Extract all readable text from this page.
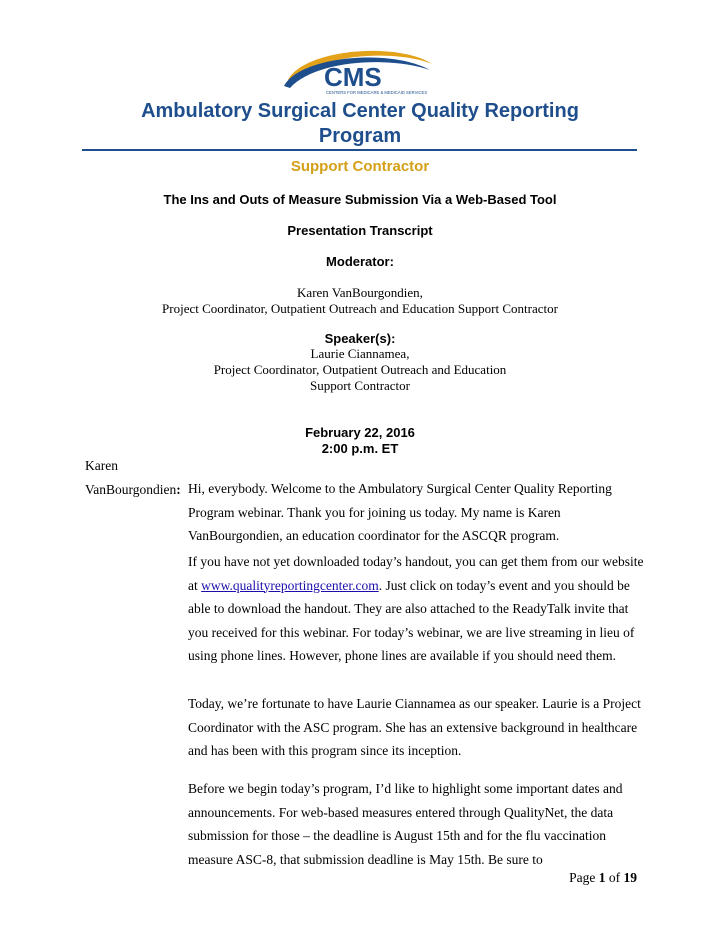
CMS
CENTERS FOR MEDICARE & MEDICAID SERVICES
Ambulatory Surgical Center Quality Reporting
Program
Support Contractor
The Ins and Outs of Measure Submission Via a Web-Based Tool
Presentation Transcript
Moderator:
Karen VanBourgondien,
Project Coordinator, Outpatient Outreach and Education Support Contractor
Speaker(s):
Laurie Ciannamea,
Project Coordinator, Outpatient Outreach and Education
Support Contractor
February 22, 2016
2:00 p.m. ET
Karen
VanBourgondien: Hi, everybody. Welcome to the Ambulatory Surgical Center Quality Reporting Program webinar. Thank you for joining us today. My name is Karen VanBourgondien, an education coordinator for the ASCQR program.
If you have not yet downloaded today’s handout, you can get them from our website at www.qualityreportingcenter.com. Just click on today’s event and you should be able to download the handout. They are also attached to the ReadyTalk invite that you received for this webinar. For today’s webinar, we are live streaming in lieu of using phone lines. However, phone lines are available if you should need them.
Today, we’re fortunate to have Laurie Ciannamea as our speaker. Laurie is a Project Coordinator with the ASC program. She has an extensive background in healthcare and has been with this program since its inception.
Before we begin today’s program, I’d like to highlight some important dates and announcements. For web-based measures entered through QualityNet, the data submission for those – the deadline is August 15th and for the flu vaccination measure ASC-8, that submission deadline is May 15th. Be sure to
Page 1 of 19
